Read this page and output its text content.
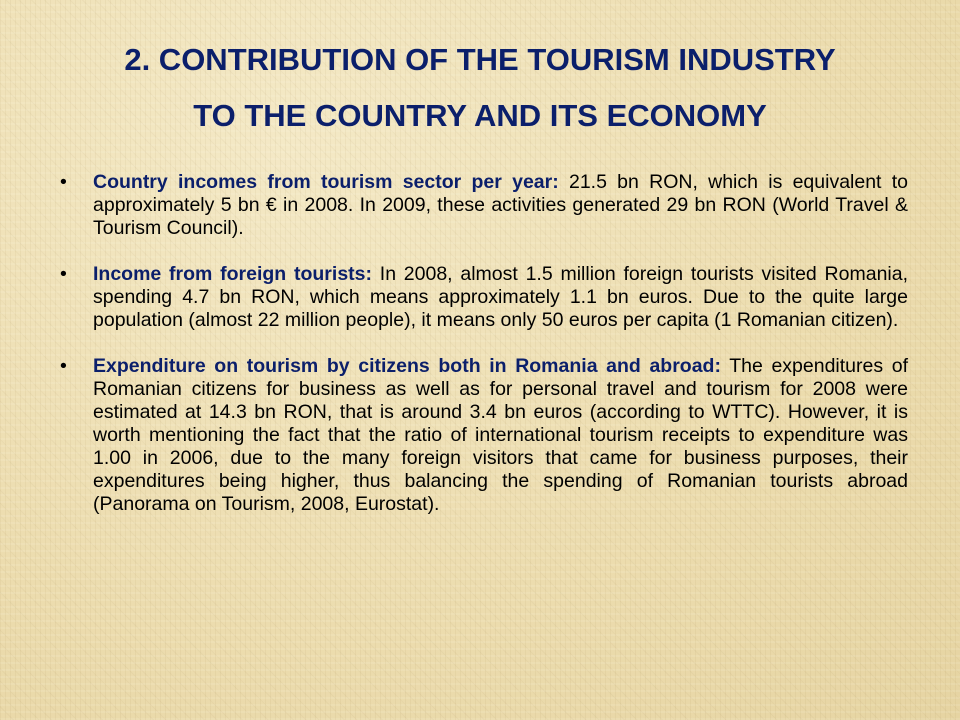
2. CONTRIBUTION OF THE TOURISM INDUSTRY
TO THE COUNTRY AND ITS ECONOMY
• Country incomes from tourism sector per year: 21.5 bn RON, which is equivalent to approximately 5 bn € in 2008. In 2009, these activities generated 29 bn RON (World Travel & Tourism Council).
• Income from foreign tourists: In 2008, almost 1.5 million foreign tourists visited Romania, spending 4.7 bn RON, which means approximately 1.1 bn euros. Due to the quite large population (almost 22 million people), it means only 50 euros per capita (1 Romanian citizen).
• Expenditure on tourism by citizens both in Romania and abroad: The expenditures of Romanian citizens for business as well as for personal travel and tourism for 2008 were estimated at 14.3 bn RON, that is around 3.4 bn euros (according to WTTC). However, it is worth mentioning the fact that the ratio of international tourism receipts to expenditure was 1.00 in 2006, due to the many foreign visitors that came for business purposes, their expenditures being higher, thus balancing the spending of Romanian tourists abroad (Panorama on Tourism, 2008, Eurostat).
